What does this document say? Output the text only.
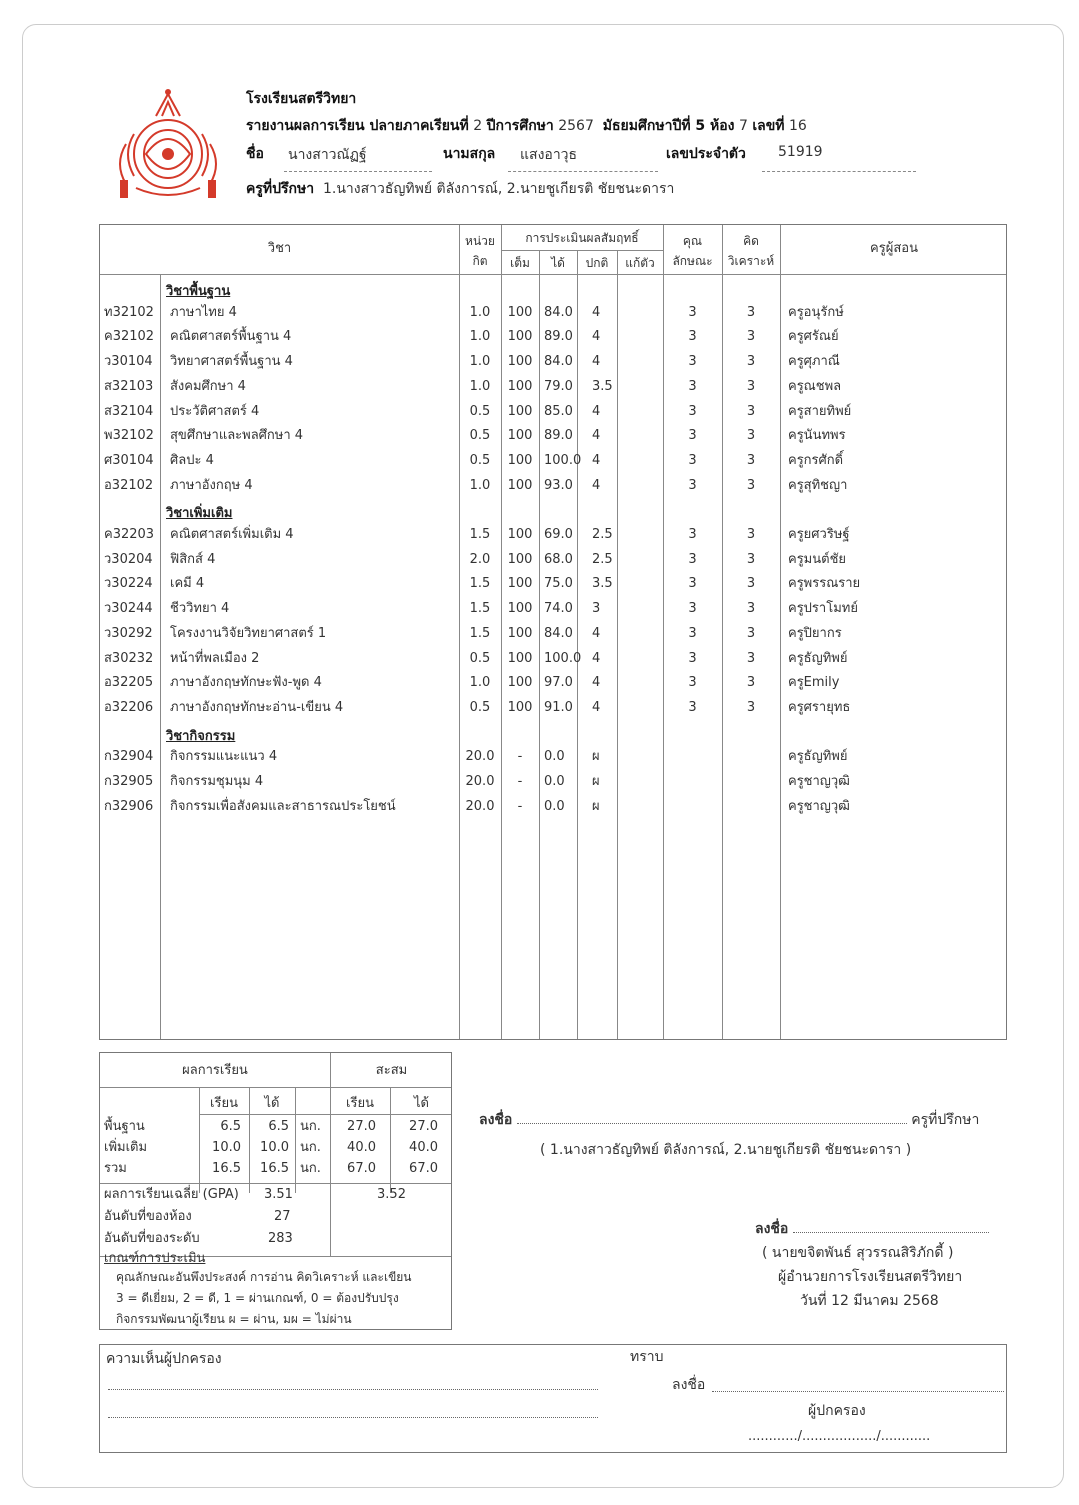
โรงเรียนสตรีวิทยา
รายงานผลการเรียน ปลายภาคเรียนที่ 2 ปีการศึกษา 2567 มัธยมศึกษาปีที่ 5 ห้อง 7 เลขที่ 16
ชื่อ นางสาวณัฏฐ์	นามสกุล แสงอาวุธ	เลขประจำตัว 51919
ครูที่ปรึกษา 1.นางสาวธัญทิพย์ ติลังการณ์, 2.นายชูเกียรติ ชัยชนะดารา
วิชา	หน่วย
กิต
การประเมินผลสัมฤทธิ์
เต็ม	ได้	ปกติ	แก้ตัว
คุณ
ลักษณะ
คิด
วิเคราะห์
ครูผู้สอน
วิชาพื้นฐาน
ท32102 ภาษาไทย 4	1.0	100 84.0 4	3	3	ครูอนุรักษ์
ค32102 คณิตศาสตร์พื้นฐาน 4	1.0	100 89.0 4	3	3	ครูศรัณย์
ว30104 วิทยาศาสตร์พื้นฐาน 4	1.0	100 84.0 4	3	3	ครูศุภาณี
ส32103 สังคมศึกษา 4	1.0	100 79.0 3.5	3	3	ครูณชพล
ส32104 ประวัติศาสตร์ 4	0.5	100 85.0 4	3	3	ครูสายทิพย์
พ32102 สุขศึกษาและพลศึกษา 4	0.5	100 89.0 4	3	3	ครูนันทพร
ศ30104 ศิลปะ 4	0.5	100 100.0 4	3	3	ครูกรศักดิ์
อ32102 ภาษาอังกฤษ 4	1.0	100 93.0 4	3	3	ครูสุทิชญา
วิชาเพิ่มเติม
ค32203 คณิตศาสตร์เพิ่มเติม 4	1.5	100 69.0 2.5	3	3	ครูยศวริษฐ์
ว30204 ฟิสิกส์ 4	2.0	100 68.0 2.5	3	3	ครูมนต์ชัย
ว30224 เคมี 4	1.5	100 75.0 3.5	3	3	ครูพรรณราย
ว30244 ชีววิทยา 4	1.5	100 74.0 3	3	3	ครูปราโมทย์
ว30292 โครงงานวิจัยวิทยาศาสตร์ 1	1.5	100 84.0 4	3	3	ครูปิยากร
ส30232 หน้าที่พลเมือง 2	0.5	100 100.0 4	3	3	ครูธัญทิพย์
อ32205 ภาษาอังกฤษทักษะฟัง-พูด 4	1.0	100 97.0 4	3	3	ครูEmily
อ32206 ภาษาอังกฤษทักษะอ่าน-เขียน 4	0.5	100 91.0 4	3	3	ครูศรายุทธ
วิชากิจกรรม
ก32904 กิจกรรมแนะแนว 4	20.0	-	0.0	ผ	ครูธัญทิพย์
ก32905 กิจกรรมชุมนุม 4	20.0	-	0.0	ผ	ครูชาญวุฒิ
ก32906 กิจกรรมเพื่อสังคมและสาธารณประโยชน์	20.0	-	0.0	ผ	ครูชาญวุฒิ
ผลการเรียน	สะสม
เรียน	ได้	เรียน	ได้
พื้นฐาน	6.5	6.5 นก.	27.0	27.0
เพิ่มเติม	10.0	10.0 นก.	40.0	40.0
รวม	16.5	16.5 นก.	67.0	67.0
ผลการเรียนเฉลี่ย (GPA) 3.51	3.52
อันดับที่ของห้อง	27
อันดับที่ของระดับ	283
เกณฑ์การประเมิน
คุณลักษณะอันพึงประสงค์ การอ่าน คิดวิเคราะห์ และเขียน
3 = ดีเยี่ยม, 2 = ดี, 1 = ผ่านเกณฑ์, 0 = ต้องปรับปรุง
กิจกรรมพัฒนาผู้เรียน ผ = ผ่าน, มผ = ไม่ผ่าน
ลงชื่อ	ครูที่ปรึกษา
( 1.นางสาวธัญทิพย์ ติลังการณ์, 2.นายชูเกียรติ ชัยชนะดารา )
ลงชื่อ
( นายขจิตพันธ์ สุวรรณสิริภักดี้ )
ผู้อำนวยการโรงเรียนสตรีวิทยา
วันที่ 12 มีนาคม 2568
ความเห็นผู้ปกครอง	ทราบ
ลงชื่อ
ผู้ปกครอง
............/................../............
